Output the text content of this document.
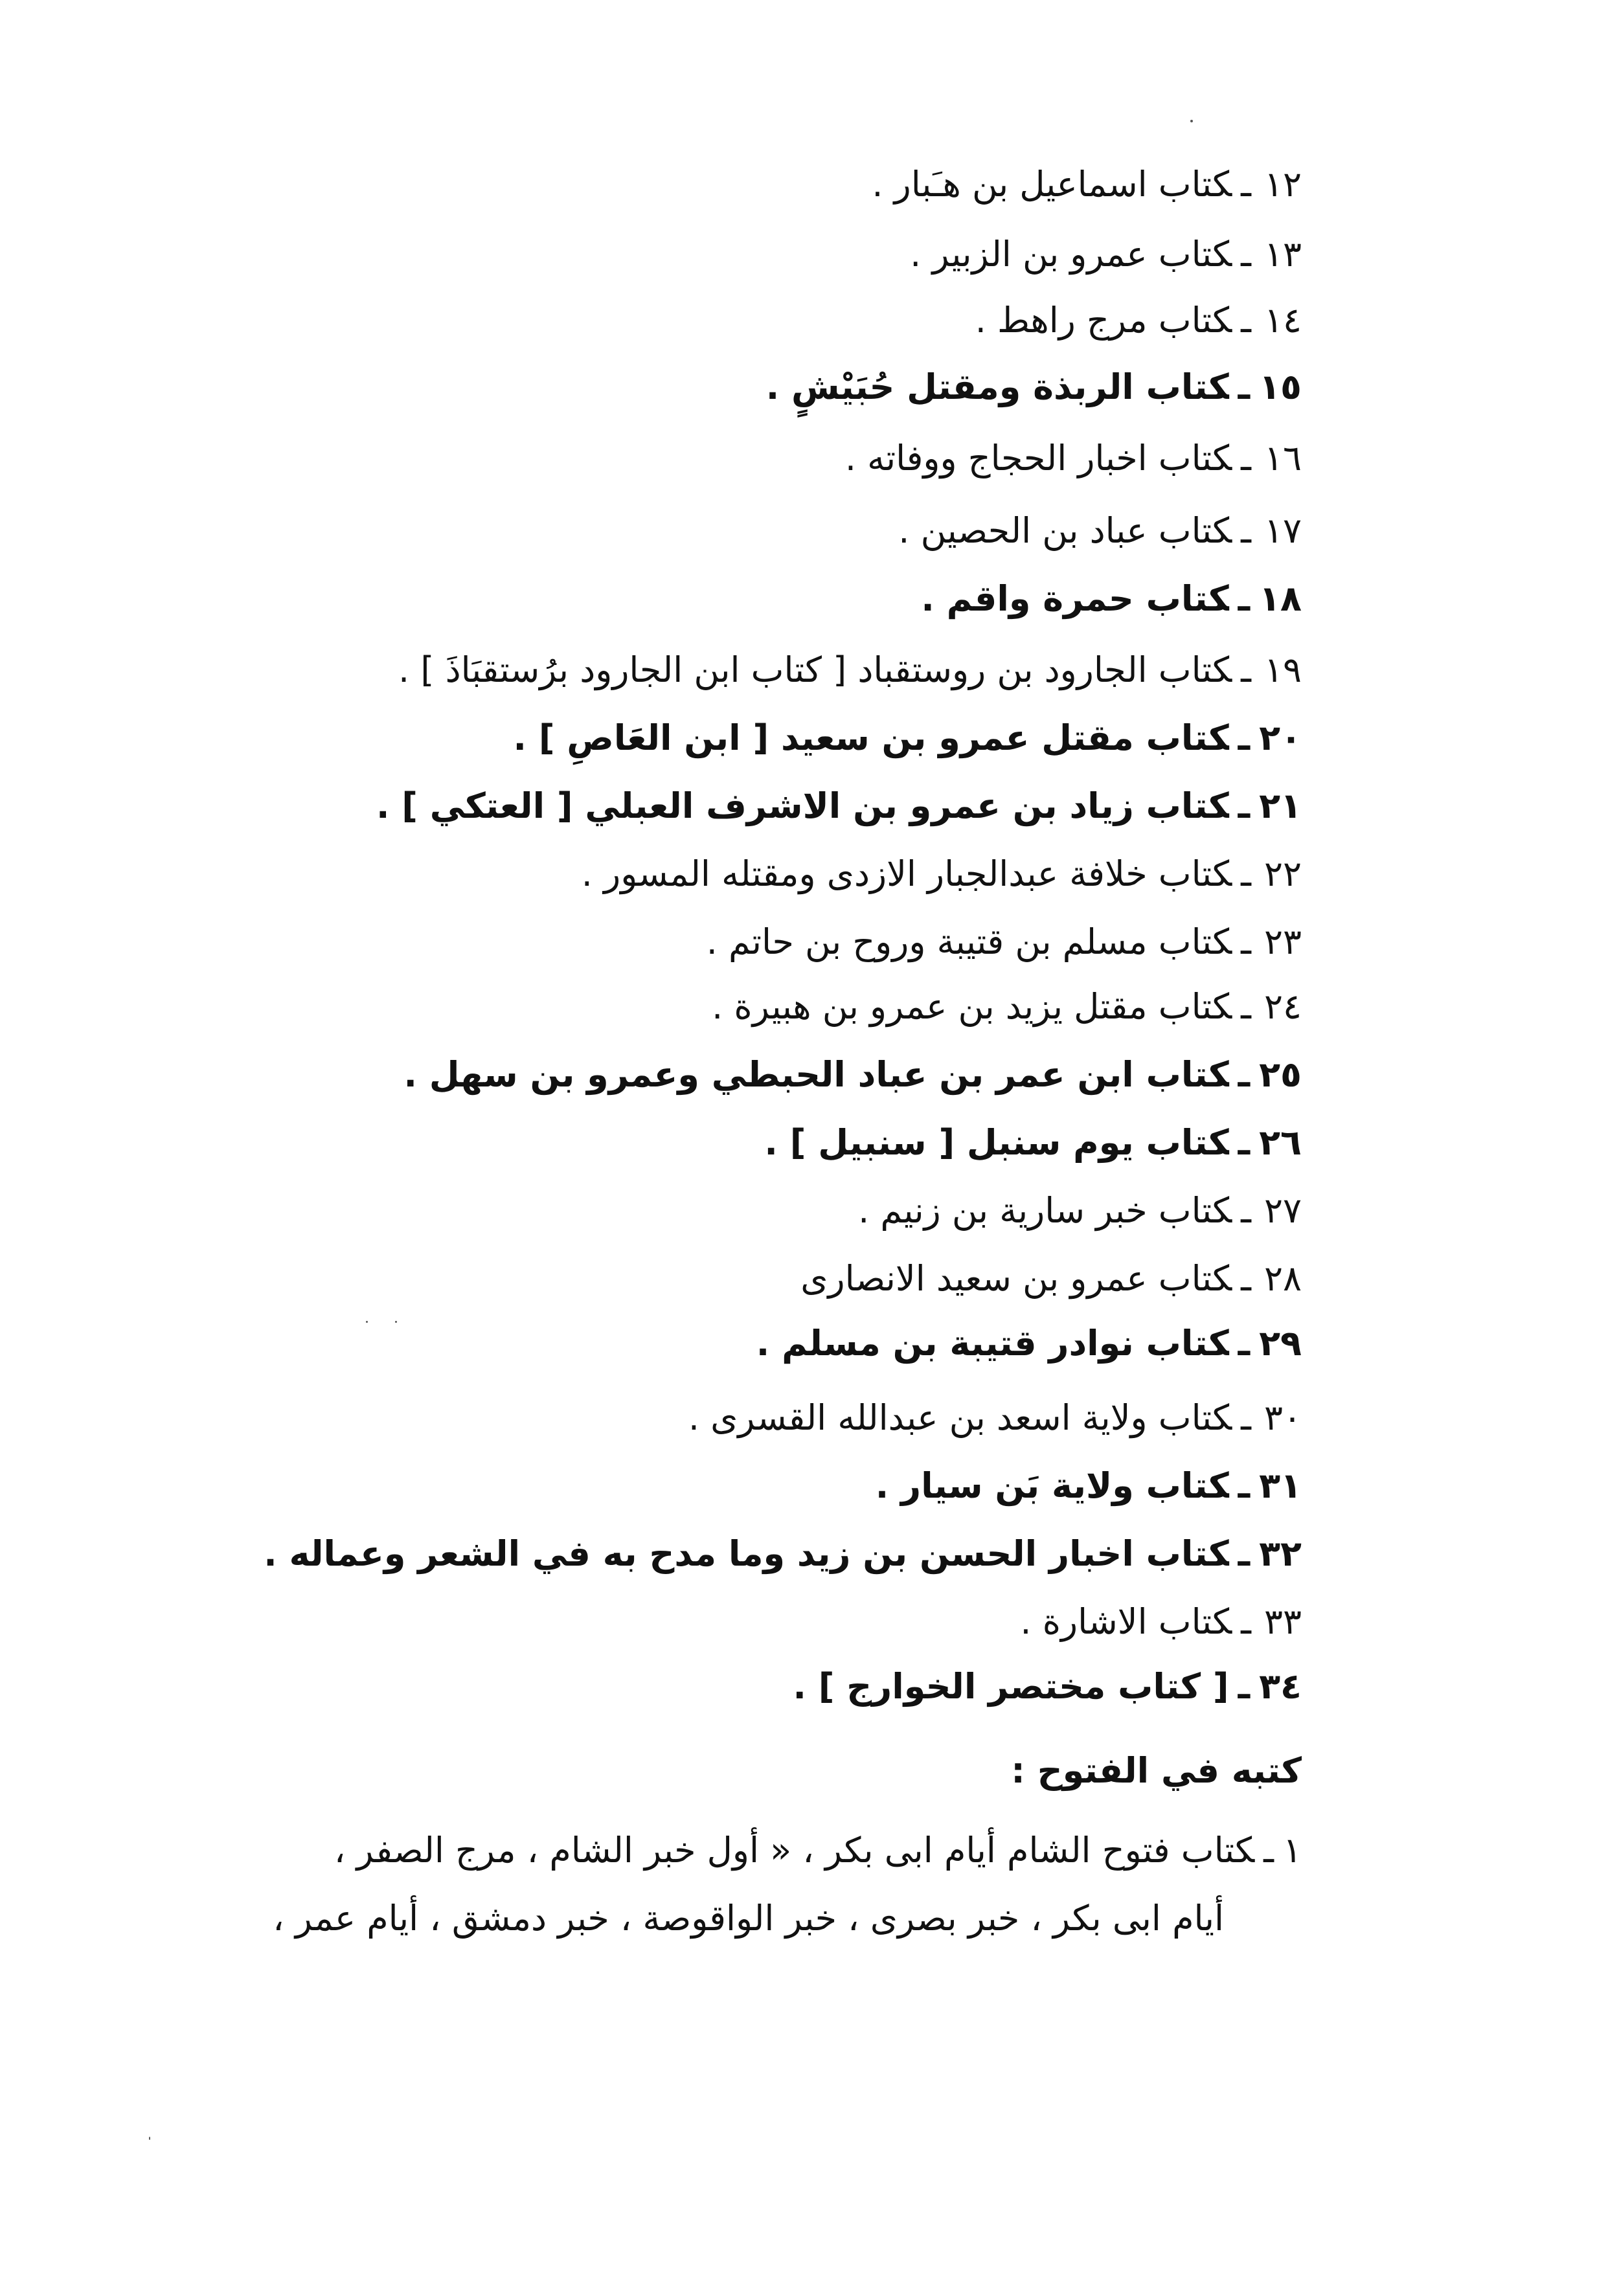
١٢ـكتاب اسماعيل بن هـَبار .
١٣ـكتاب عمرو بن الزبير .
١٤ـكتاب مرج راهط .
١٥ـكتاب الربذة ومقتل حُبَيْشٍ .
١٦ـكتاب اخبار الحجاج ووفاته .
١٧ـكتاب عباد بن الحصين .
١٨ـكتاب حمرة واقم .
١٩ـكتاب الجارود بن روستقباد [ كتاب ابن الجارود برُستقبَاذَ ] .
٢٠ـكتاب مقتل عمرو بن سعيد [ ابن العَاصِ ] .
٢١ـكتاب زياد بن عمرو بن الاشرف العبلي [ العتكي ] .
٢٢ـكتاب خلافة عبدالجبار الازدى ومقتله المسور .
٢٣ـكتاب مسلم بن قتيبة وروح بن حاتم .
٢٤ـكتاب مقتل يزيد بن عمرو بن هبيرة .
٢٥ـكتاب ابن عمر بن عباد الحبطي وعمرو بن سهل .
٢٦ـكتاب يوم سنبل [ سنبيل ] .
٢٧ـكتاب خبر سارية بن زنيم .
٢٨ـكتاب عمرو بن سعيد الانصارى
٢٩ـكتاب نوادر قتيبة بن مسلم .
٣٠ـكتاب ولاية اسعد بن عبدالله القسرى .
٣١ـكتاب ولاية بَن سيار .
٣٢ـكتاب اخبار الحسن بن زيد وما مدح به في الشعر وعماله .
٣٣ـكتاب الاشارة .
٣٤ـ[ كتاب مختصر الخوارج ] .
كتبه في الفتوح :
١ـكتاب فتوح الشام أيام ابى بكر ، « أول خبر الشام ، مرج الصفر ،
أيام ابى بكر ، خبر بصرى ، خبر الواقوصة ، خبر دمشق ، أيام عمر ،
